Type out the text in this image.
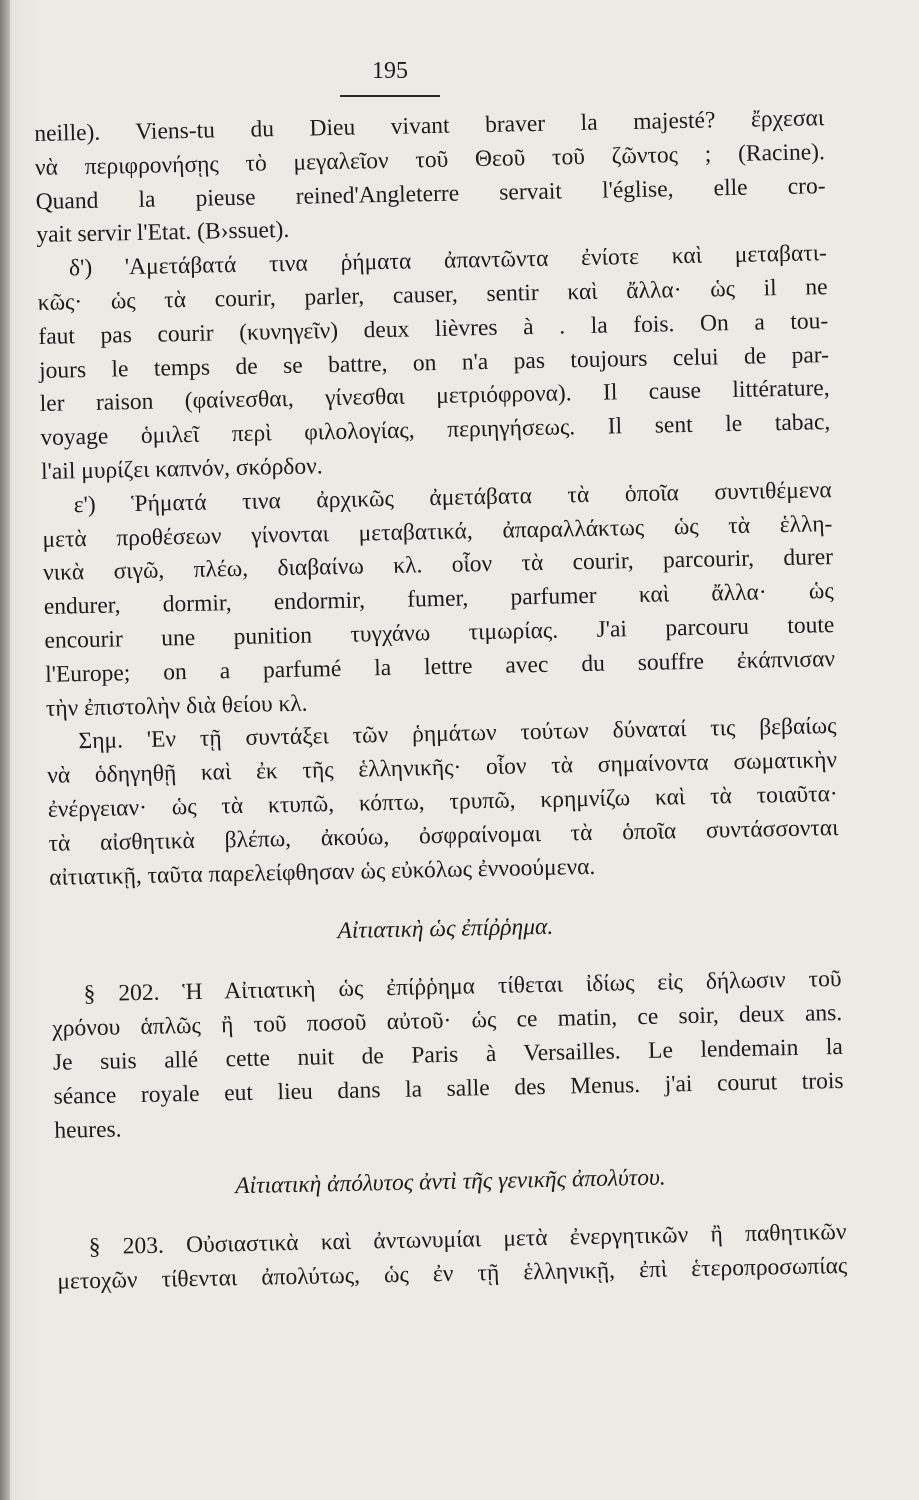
195
neille). Viens-tu du Dieu vivant braver la majesté? ἔρχεσαι
νὰ περιφρονήσῃς τὸ μεγαλεῖον τοῦ Θεοῦ τοῦ ζῶντος ; (Racine).
Quand la pieuse reined'Angleterre servait l'église, elle cro-
yait servir l'Etat. (B›ssuet).
δ') 'Αμετάβατά τινα ῥήματα ἀπαντῶντα ἐνίοτε καὶ μεταβατι-
κῶς· ὡς τὰ courir, parler, causer, sentir καὶ ἄλλα· ὡς il ne
faut pas courir (κυνηγεῖν) deux lièvres à . la fois. On a tou-
jours le temps de se battre, on n'a pas toujours celui de par-
ler raison (φαίνεσθαι, γίνεσθαι μετριόφρονα). Il cause littérature,
voyage ὁμιλεῖ περὶ φιλολογίας, περιηγήσεως. Il sent le tabac,
l'ail μυρίζει καπνόν, σκόρδον.
ε') Ῥήματά τινα ἀρχικῶς ἀμετάβατα τὰ ὁποῖα συντιθέμενα
μετὰ προθέσεων γίνονται μεταβατικά, ἀπαραλλάκτως ὡς τὰ ἑλλη-
νικὰ σιγῶ, πλέω, διαβαίνω κλ. οἷον τὰ courir, parcourir, durer
endurer, dormir, endormir, fumer, parfumer καὶ ἄλλα· ὡς
encourir une punition τυγχάνω τιμωρίας. J'ai parcouru toute
l'Europe; on a parfumé la lettre avec du souffre ἐκάπνισαν
τὴν ἐπιστολὴν διὰ θείου κλ.
Σημ. 'Εν τῇ συντάξει τῶν ῥημάτων τούτων δύναταί τις βεβαίως
νὰ ὁδηγηθῇ καὶ ἐκ τῆς ἑλληνικῆς· οἷον τὰ σημαίνοντα σωματικὴν
ἐνέργειαν· ὡς τὰ κτυπῶ, κόπτω, τρυπῶ, κρημνίζω καὶ τὰ τοιαῦτα·
τὰ αἰσθητικὰ βλέπω, ἀκούω, ὀσφραίνομαι τὰ ὁποῖα συντάσσονται
αἰτιατικῇ, ταῦτα παρελείφθησαν ὡς εὐκόλως ἐννοούμενα.
Αἰτιατικὴ ὡς ἐπίῤῥημα.
§ 202. Ἡ Αἰτιατικὴ ὡς ἐπίῤῥημα τίθεται ἰδίως εἰς δήλωσιν τοῦ
χρόνου ἁπλῶς ἢ τοῦ ποσοῦ αὐτοῦ· ὡς ce matin, ce soir, deux ans.
Je suis allé cette nuit de Paris à Versailles. Le lendemain la
séance royale eut lieu dans la salle des Menus. j'ai courut trois
heures.
Αἰτιατικὴ ἀπόλυτος ἀντὶ τῆς γενικῆς ἀπολύτου.
§ 203. Οὐσιαστικὰ καὶ ἀντωνυμίαι μετὰ ἐνεργητικῶν ἢ παθητικῶν
μετοχῶν τίθενται ἀπολύτως, ὡς ἐν τῇ ἑλληνικῇ, ἐπὶ ἑτεροπροσωπίας
